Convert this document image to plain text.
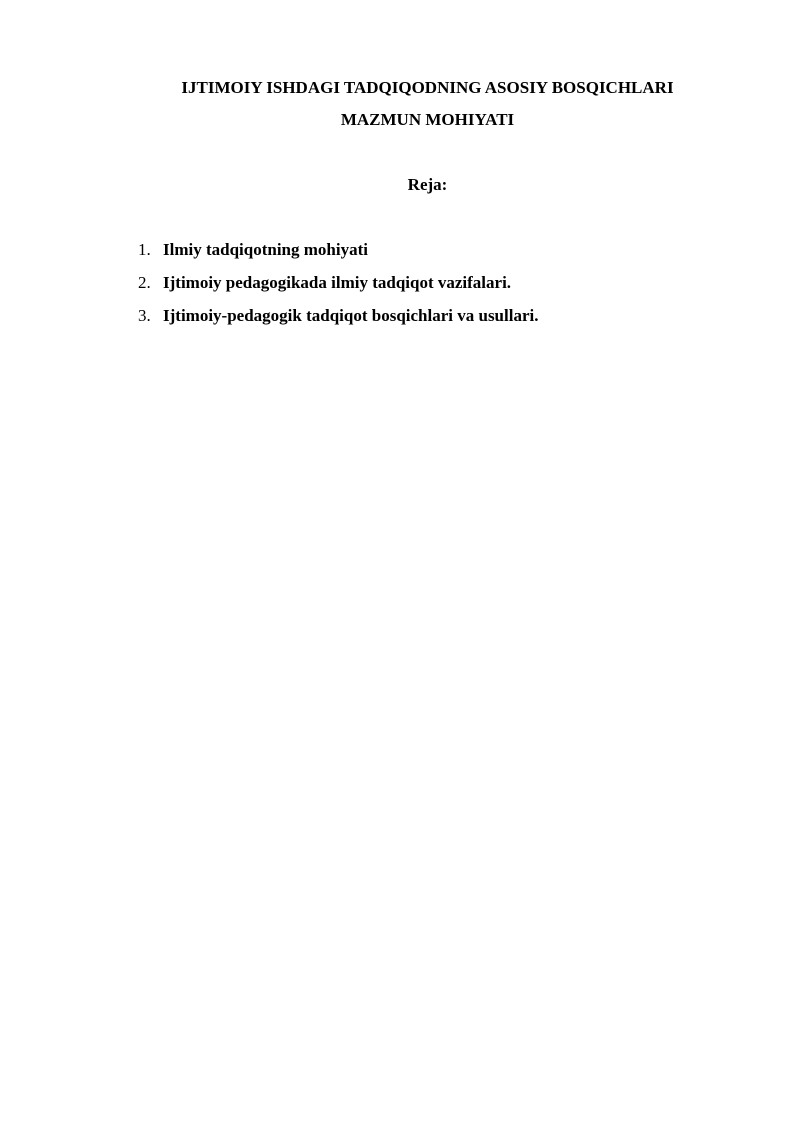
IJTIMOIY ISHDAGI TADQIQODNING ASOSIY BOSQICHLARI
MAZMUN MOHIYATI
Reja:
1. Ilmiy tadqiqotning mohiyati
2. Ijtimoiy pedagogikada ilmiy tadqiqot vazifalari.
3. Ijtimoiy-pedagogik tadqiqot bosqichlari va usullari.
